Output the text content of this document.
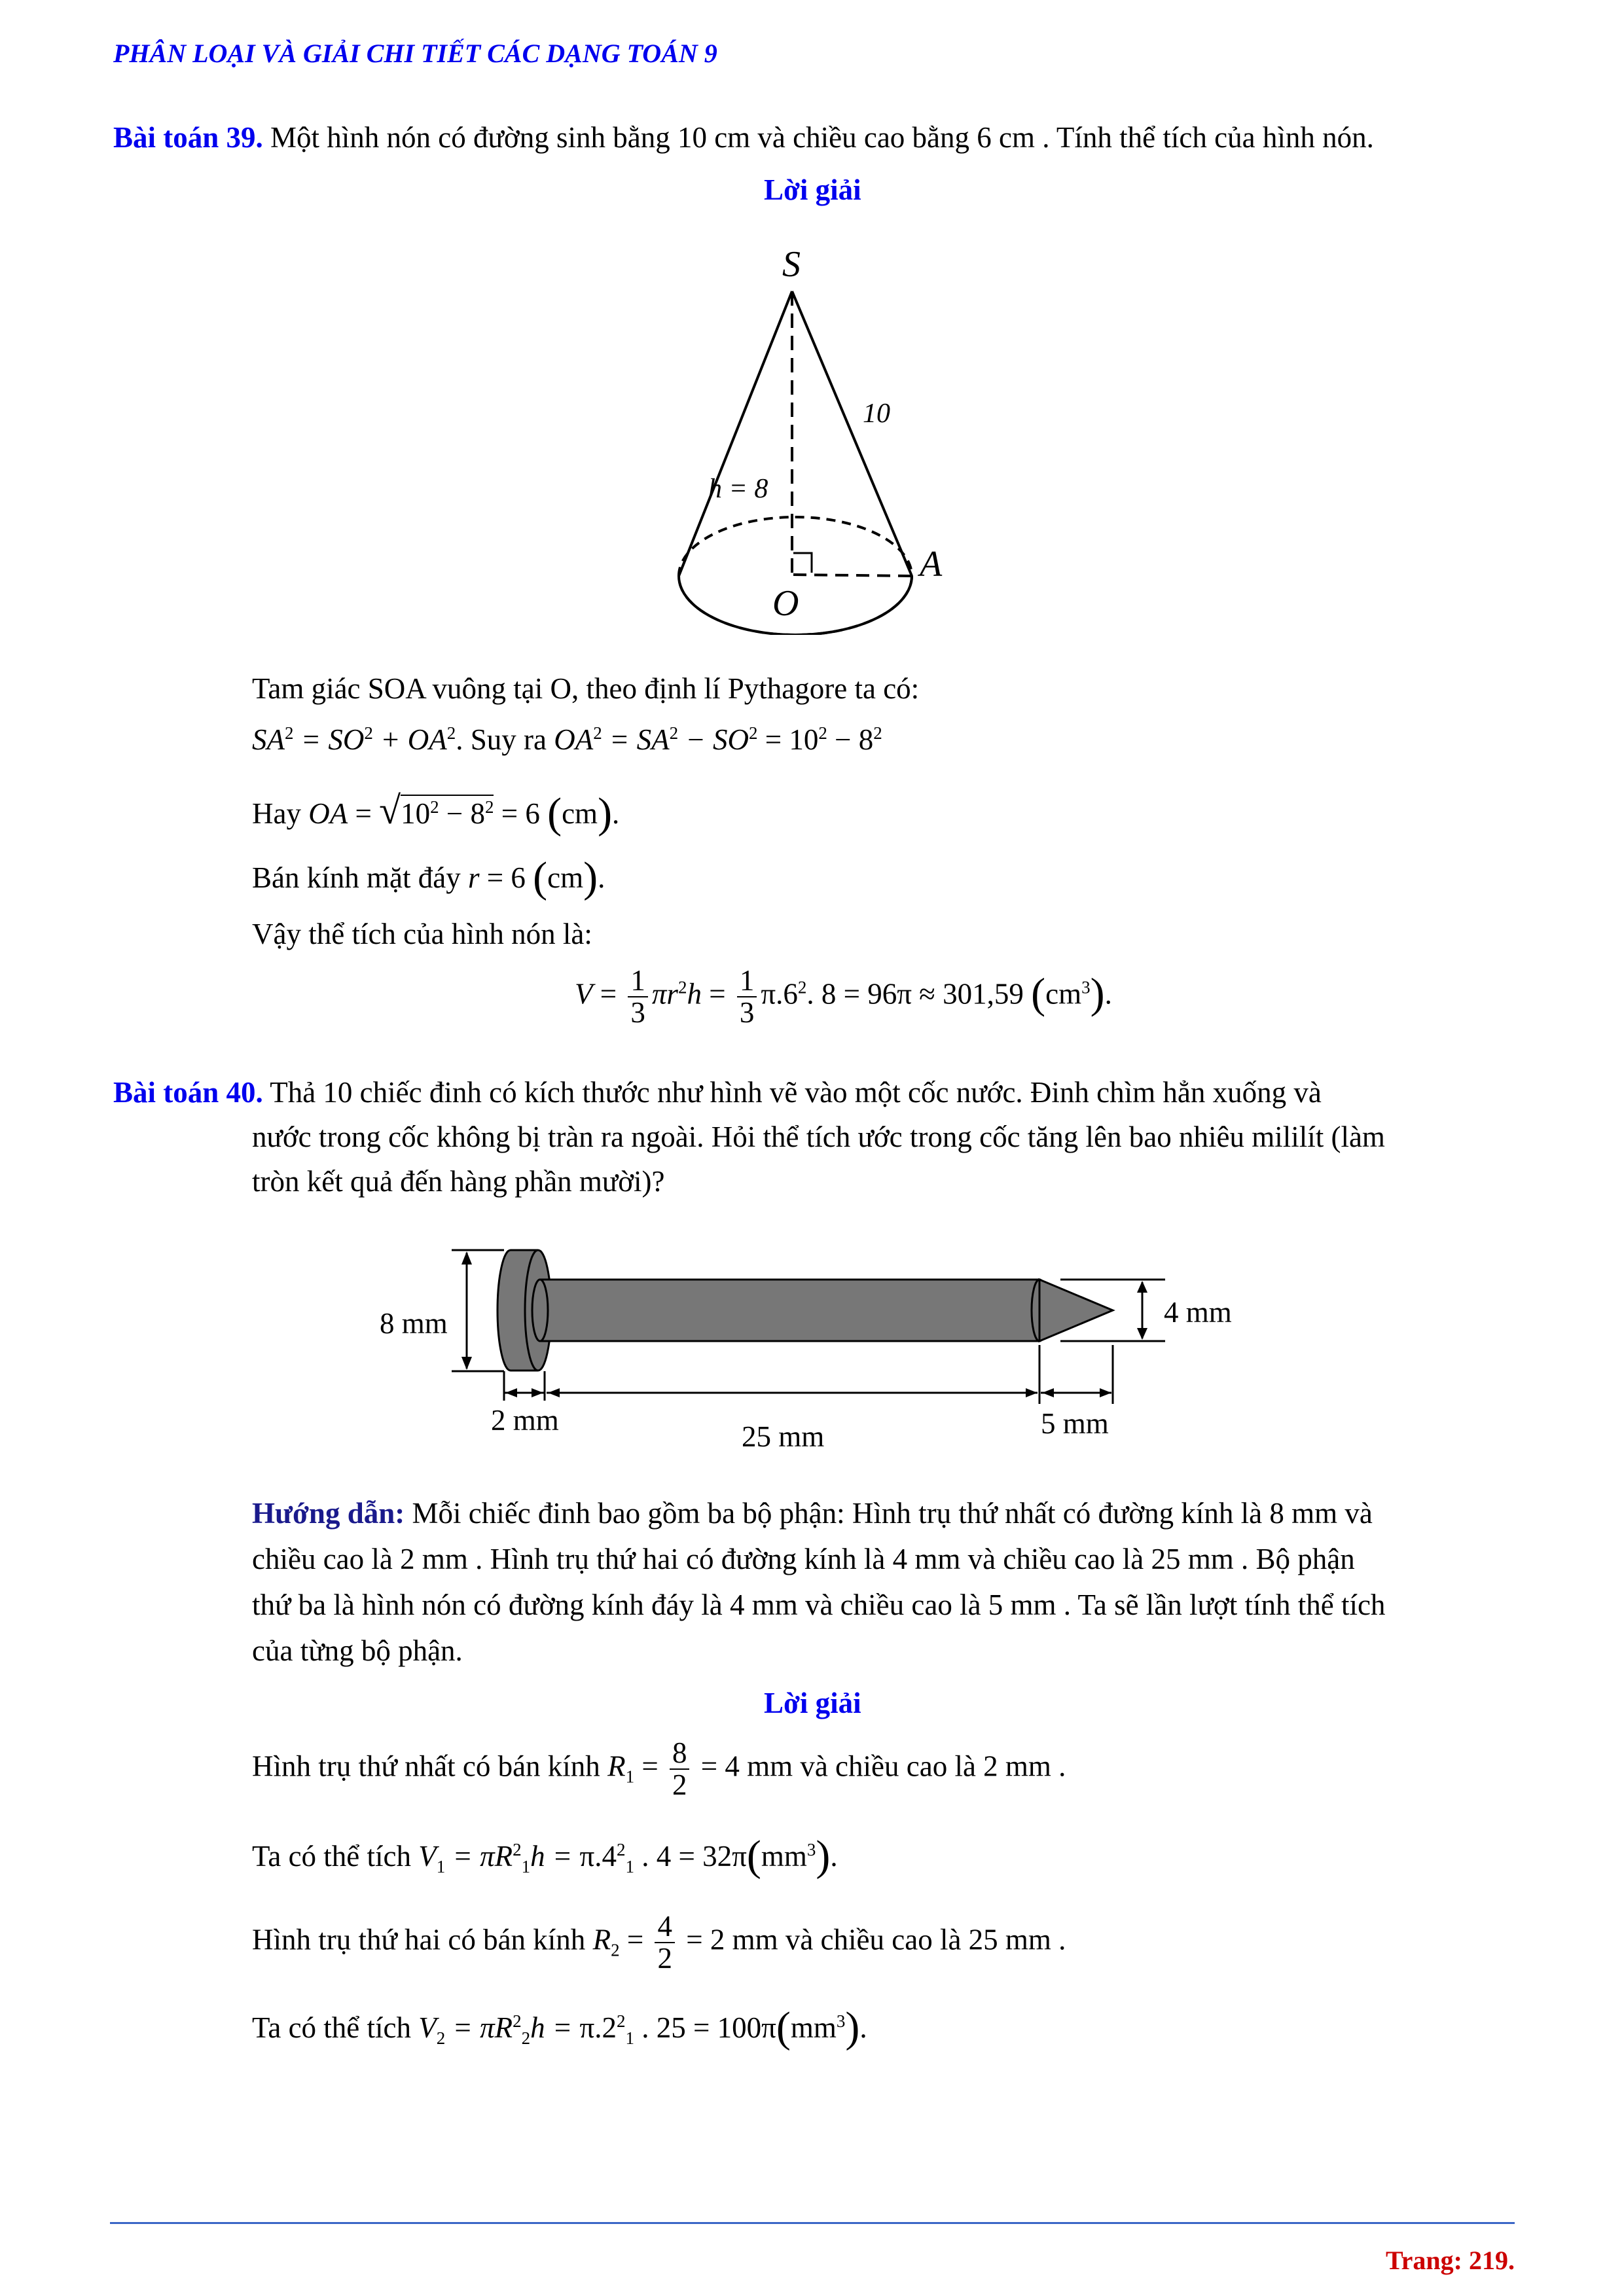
PHÂN LOẠI VÀ GIẢI CHI TIẾT CÁC DẠNG TOÁN 9
Bài toán 39. Một hình nón có đường sinh bằng 10 cm và chiều cao bằng 6 cm . Tính thể tích của hình nón.
Lời giải
S
O
A
10
h = 8
Tam giác SOA vuông tại O, theo định lí Pythagore ta có:
$SA^2 = SO^2 + OA^2$. Suy ra $OA^2 = SA^2 - SO^2 = 10^2 - 8^2$
Hay OA = $√10^2 - 8^2 = 6$ (cm).
Bán kính mặt đáy r = 6 (cm).
Vậy thể tích của hình nón là:
$V = \frac{1}{3} \pi r^2h = \frac{1}{3} \pi.6^2$. 8 = 96π ≈ 301,59 $(cm^3)$.
Bài toán 40. Thả 10 chiếc đinh có kích thước như hình vẽ vào một cốc nước. Đinh chìm hẳn xuống và
nước trong cốc không bị tràn ra ngoài. Hỏi thể tích ước trong cốc tăng lên bao nhiêu mililít (làm
tròn kết quả đến hàng phần mười)?
8 mm	4 mm
2 mm	25 mm	5 mm
Hướng dẫn: Mỗi chiếc đinh bao gồm ba bộ phận: Hình trụ thứ nhất có đường kính là 8 mm và
chiều cao là 2 mm . Hình trụ thứ hai có đường kính là 4 mm và chiều cao là 25 mm . Bộ phận
thứ ba là hình nón có đường kính đáy là 4 mm và chiều cao là 5 mm . Ta sẽ lần lượt tính thể tích
của từng bộ phận.
Lời giải
Hình trụ thứ nhất có bán kính $R_1 = \frac{8}{2} = 4$ mm và chiều cao là 2 mm .
Ta có thể tích $V_1 = \pi R^2_1h = \pi.4^2_1$ . $4 = 32\pi(mm^3)$.
Hình trụ thứ hai có bán kính $R_2 = \frac{4}{2} = 2$ mm và chiều cao là 25 mm .
Ta có thể tích $V_2 = \pi R^2_2h = \pi.2^2_1$ . $25 = 100\pi(mm^3)$.
Trang: 219.
